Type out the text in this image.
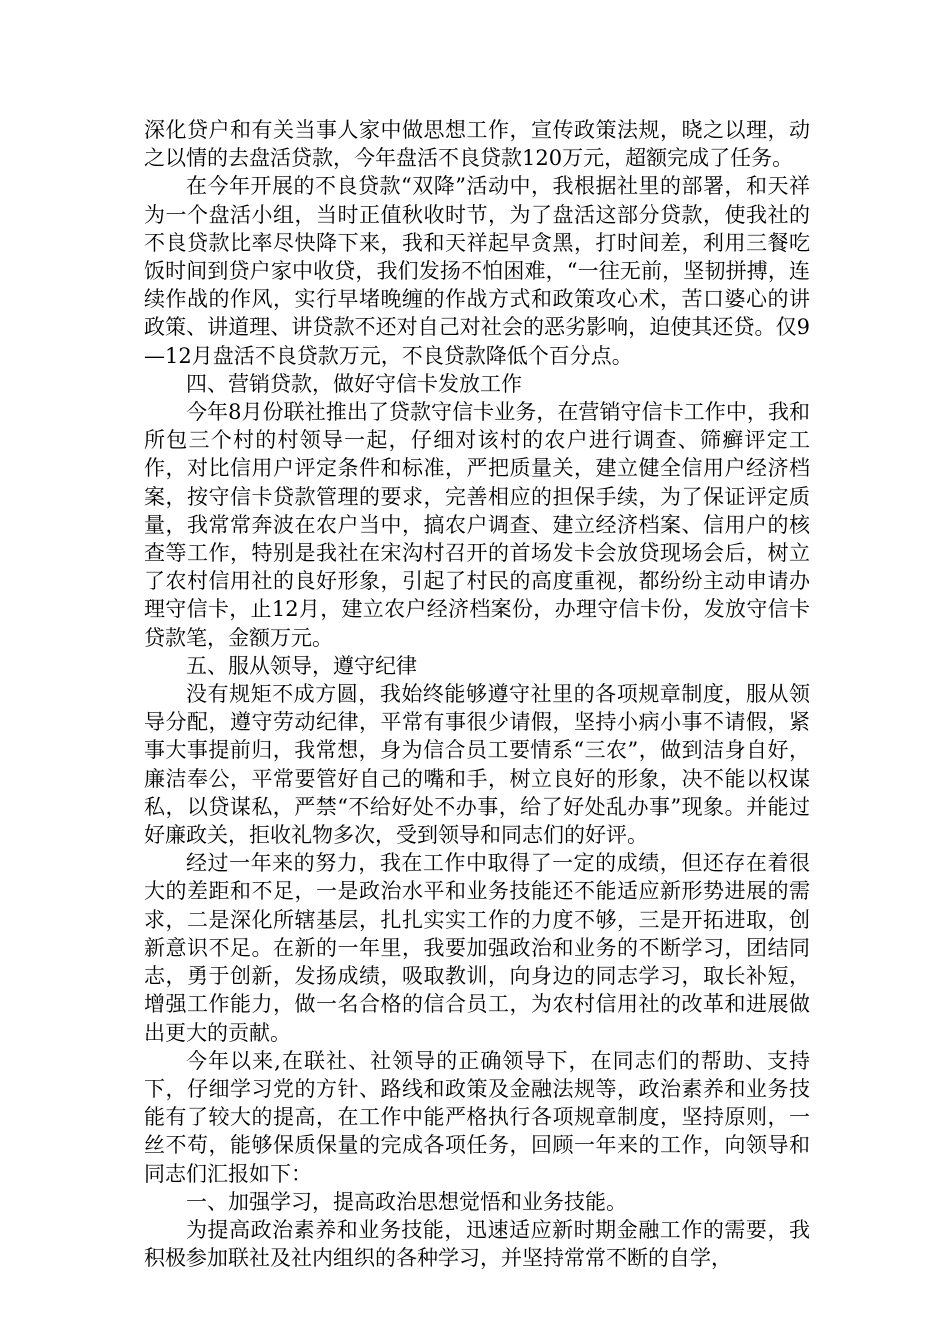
深化贷户和有关当事人家中做思想工作，宣传政策法规，晓之以理，动之以情的去盘活贷款，今年盘活不良贷款120万元，超额完成了任务。

在今年开展的不良贷款“双降”活动中，我根据社里的部署，和天祥为一个盘活小组，当时正值秋收时节，为了盘活这部分贷款，使我社的不良贷款比率尽快降下来，我和天祥起早贪黑，打时间差，利用三餐吃饭时间到贷户家中收贷，我们发扬不怕困难，“一往无前，坚韧拼搏，连续作战的作风，实行早堵晚缠的作战方式和政策攻心术，苦口婆心的讲政策、讲道理、讲贷款不还对自己对社会的恶劣影响，迫使其还贷。仅9—12月盘活不良贷款万元，不良贷款降低个百分点。

四、营销贷款，做好守信卡发放工作

今年8月份联社推出了贷款守信卡业务，在营销守信卡工作中，我和所包三个村的村领导一起，仔细对该村的农户进行调查、筛癣评定工作，对比信用户评定条件和标准，严把质量关，建立健全信用户经济档案，按守信卡贷款管理的要求，完善相应的担保手续，为了保证评定质量，我常常奔波在农户当中，搞农户调查、建立经济档案、信用户的核查等工作，特别是我社在宋沟村召开的首场发卡会放贷现场会后，树立了农村信用社的良好形象，引起了村民的高度重视，都纷纷主动申请办理守信卡，止12月，建立农户经济档案份，办理守信卡份，发放守信卡贷款笔，金额万元。

五、服从领导，遵守纪律

没有规矩不成方圆，我始终能够遵守社里的各项规章制度，服从领导分配，遵守劳动纪律，平常有事很少请假，坚持小病小事不请假，紧事大事提前归，我常想，身为信合员工要情系“三农”，做到洁身自好，廉洁奉公，平常要管好自己的嘴和手，树立良好的形象，决不能以权谋私，以贷谋私，严禁“不给好处不办事，给了好处乱办事”现象。并能过好廉政关，拒收礼物多次，受到领导和同志们的好评。

经过一年来的努力，我在工作中取得了一定的成绩，但还存在着很大的差距和不足，一是政治水平和业务技能还不能适应新形势进展的需求，二是深化所辖基层，扎扎实实工作的力度不够，三是开拓进取，创新意识不足。在新的一年里，我要加强政治和业务的不断学习，团结同志，勇于创新，发扬成绩，吸取教训，向身边的同志学习，取长补短，增强工作能力，做一名合格的信合员工，为农村信用社的改革和进展做出更大的贡献。

今年以来,在联社、社领导的正确领导下，在同志们的帮助、支持下，仔细学习党的方针、路线和政策及金融法规等，政治素养和业务技能有了较大的提高，在工作中能严格执行各项规章制度，坚持原则，一丝不苟，能够保质保量的完成各项任务，回顾一年来的工作，向领导和同志们汇报如下：

一、加强学习，提高政治思想觉悟和业务技能。

为提高政治素养和业务技能，迅速适应新时期金融工作的需要，我积极参加联社及社内组织的各种学习，并坚持常常不断的自学，
